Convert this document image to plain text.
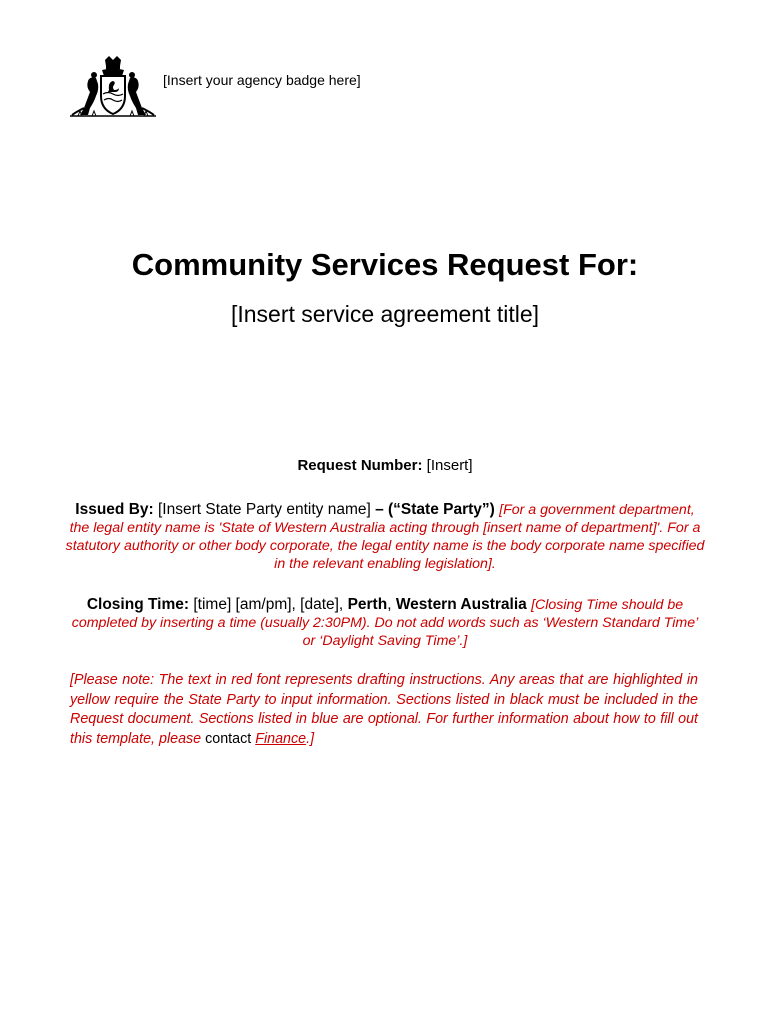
[Insert your agency badge here]
Community Services Request For:
[Insert service agreement title]
Request Number: [Insert]
Issued By: [Insert State Party entity name] – (“State Party”) [For a government department, the legal entity name is 'State of Western Australia acting through [insert name of department]'. For a statutory authority or other body corporate, the legal entity name is the body corporate name specified in the relevant enabling legislation].
Closing Time: [time] [am/pm], [date], Perth, Western Australia [Closing Time should be completed by inserting a time (usually 2:30PM). Do not add words such as ‘Western Standard Time’ or ‘Daylight Saving Time’.]
[Please note: The text in red font represents drafting instructions. Any areas that are highlighted in yellow require the State Party to input information. Sections listed in black must be included in the Request document. Sections listed in blue are optional. For further information about how to fill out this template, please contact Finance.]
